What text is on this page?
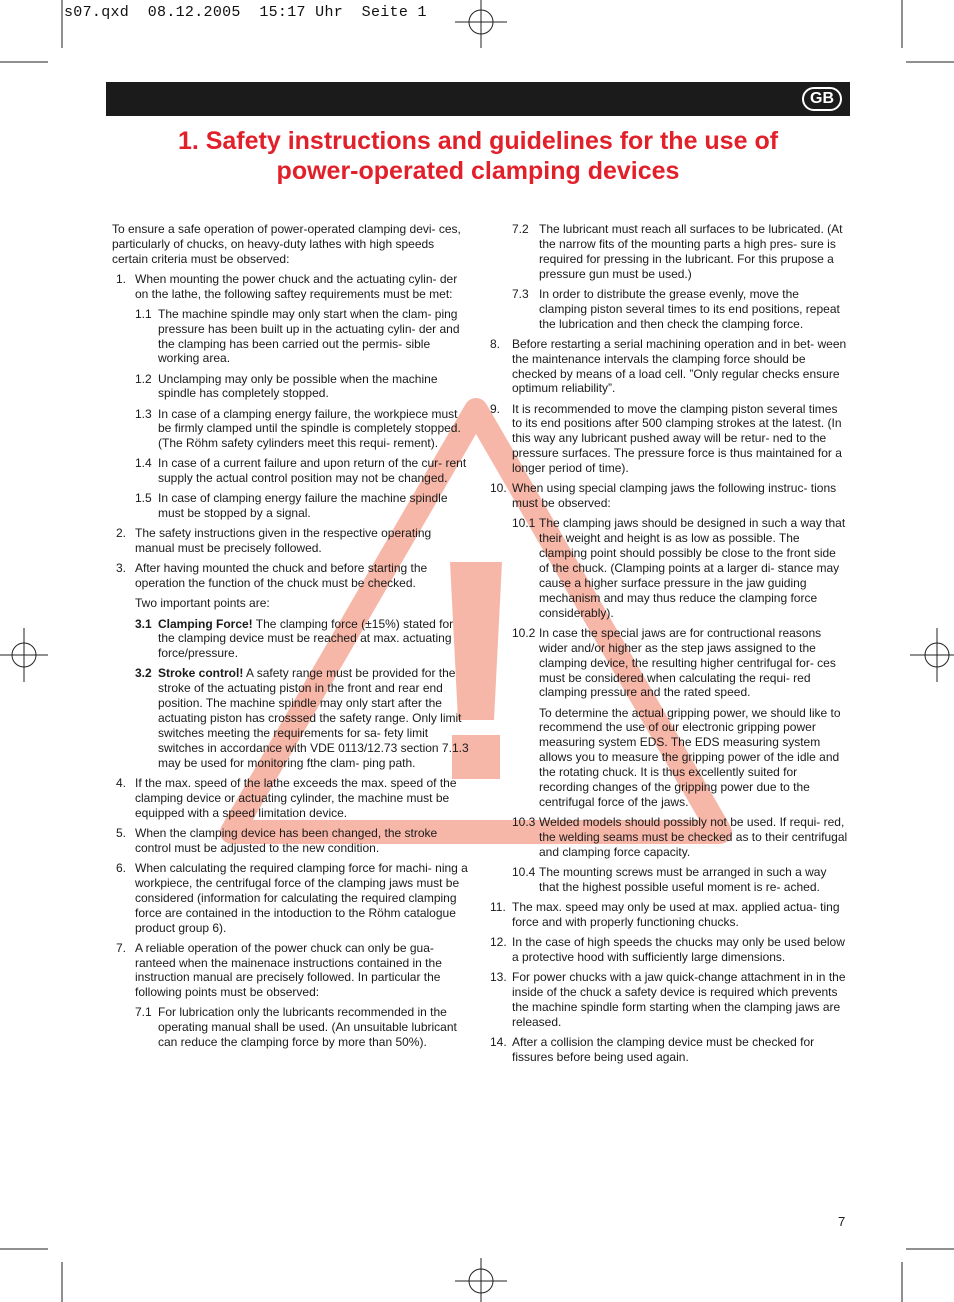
s07.qxd  08.12.2005  15:17 Uhr  Seite 1
GB
1. Safety instructions and guidelines for the use of
power-operated clamping devices

To ensure a safe operation of power-operated clamping devi- ces, particularly of chucks, on heavy-duty lathes with high speeds certain criteria must be observed:

1. When mounting the power chuck and the actuating cylin- der on the lathe, the following saftey requirements must be met:
1.1 The machine spindle may only start when the clam- ping pressure has been built up in the actuating cylin- der and the clamping has been carried out the permis- sible working area.
1.2 Unclamping may only be possible when the machine spindle has completely stopped.
1.3 In case of a clamping energy failure, the workpiece must be firmly clamped until the spindle is completely stopped. (The Röhm safety cylinders meet this requi- rement).
1.4 In case of a current failure and upon return of the cur- rent supply the actual control position may not be changed.
1.5 In case of clamping energy failure the machine spindle must be stopped by a signal.
2. The safety instructions given in the respective operating manual must be precisely followed.
3. After having mounted the chuck and before starting the operation the function of the chuck must be checked.
Two important points are:
3.1 Clamping Force! The clamping force (±15%) stated for the clamping device must be reached at max. actuating force/pressure.
3.2 Stroke control! A safety range must be provided for the stroke of the actuating piston in the front and rear end position. The machine spindle may only start after the actuating piston has crosssed the safety range. Only limit switches meeting the requirements for sa- fety limit switches in accordance with VDE 0113/12.73 section 7.1.3 may be used for monitoring fthe clam- ping path.
4. If the max. speed of the lathe exceeds the max. speed of the clamping device or actuating cylinder, the machine must be equipped with a speed limitation device.
5. When the clamping device has been changed, the stroke control must be adjusted to the new condition.
6. When calculating the required clamping force for machi- ning a workpiece, the centrifugal force of the clamping jaws must be considered (information for calculating the required clamping force are contained in the intoduction to the Röhm catalogue product group 6).
7. A reliable operation of the power chuck can only be gua- ranteed when the mainenace instructions contained in the instruction manual are precisely followed. In particular the following points must be observed:
7.1 For lubrication only the lubricants recommended in the operating manual shall be used. (An unsuitable lubricant can reduce the clamping force by more than 50%).
7.2 The lubricant must reach all surfaces to be lubricated. (At the narrow fits of the mounting parts a high pres- sure is required for pressing in the lubricant. For this prupose a pressure gun must be used.)
7.3 In order to distribute the grease evenly, move the clamping piston several times to its end positions, repeat the lubrication and then check the clamping force.
8. Before restarting a serial machining operation and in bet- ween the maintenance intervals the clamping force should be checked by means of a load cell. ”Only regular checks ensure optimum reliability”.
9. It is recommended to move the clamping piston several times to its end positions after 500 clamping strokes at the latest. (In this way any lubricant pushed away will be retur- ned to the pressure surfaces. The pressure force is thus maintained for a longer period of time).
10. When using special clamping jaws the following instruc- tions must be observed:
10.1 The clamping jaws should be designed in such a way that their weight and height is as low as possible. The clamping point should possibly be close to the front side of the chuck. (Clamping points at a larger di- stance may cause a higher surface pressure in the jaw guiding mechanism and may thus reduce the clamping force considerably).
10.2 In case the special jaws are for contructional reasons wider and/or higher as the step jaws assigned to the clamping device, the resulting higher centrifugal for- ces must be considered when calculating the requi- red clamping pressure and the rated speed.
To determine the actual gripping power, we should like to recommend the use of our electronic gripping power measuring system EDS. The EDS measuring system allows you to measure the gripping power of the idle and the rotating chuck. It is thus excellently suited for recording changes of the gripping power due to the centrifugal force of the jaws.
10.3 Welded models should possibly not be used. If requi- red, the welding seams must be checked as to their centrifugal and clamping force capacity.
10.4 The mounting screws must be arranged in such a way that the highest possible useful moment is re- ached.
11. The max. speed may only be used at max. applied actua- ting force and with properly functioning chucks.
12. In the case of high speeds the chucks may only be used below a protective hood with sufficiently large dimensions.
13. For power chucks with a jaw quick-change attachment in in the inside of the chuck a safety device is required which prevents the machine spindle form starting when the clamping jaws are released.
14. After a collision the clamping device must be checked for fissures before being used again.
7
